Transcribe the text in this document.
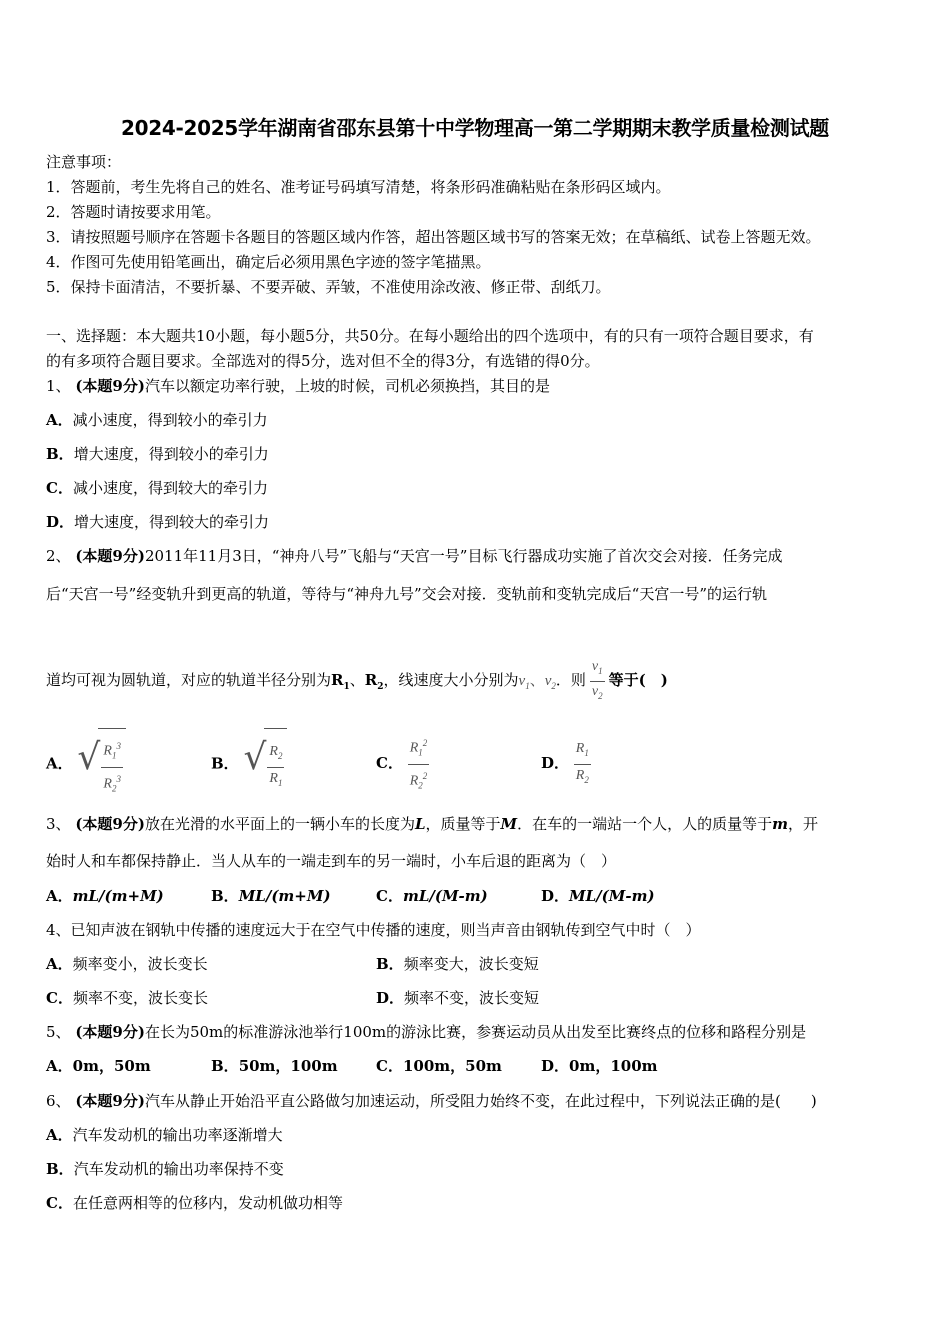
2024-2025学年湖南省邵东县第十中学物理高一第二学期期末教学质量检测试题
注意事项：
1．答题前，考生先将自己的姓名、准考证号码填写清楚，将条形码准确粘贴在条形码区域内。
2．答题时请按要求用笔。
3．请按照题号顺序在答题卡各题目的答题区域内作答，超出答题区域书写的答案无效；在草稿纸、试卷上答题无效。
4．作图可先使用铅笔画出，确定后必须用黑色字迹的签字笔描黑。
5．保持卡面清洁，不要折暴、不要弄破、弄皱，不准使用涂改液、修正带、刮纸刀。
一、选择题：本大题共10小题，每小题5分，共50分。在每小题给出的四个选项中，有的只有一项符合题目要求，有
的有多项符合题目要求。全部选对的得5分，选对但不全的得3分，有选错的得0分。
1、 (本题9分)汽车以额定功率行驶，上坡的时候，司机必须换挡，其目的是
A．减小速度，得到较小的牵引力
B．增大速度，得到较小的牵引力
C．减小速度，得到较大的牵引力
D．增大速度，得到较大的牵引力
2、 (本题9分)2011年11月3日，“神舟八号”飞船与“天宫一号”目标飞行器成功实施了首次交会对接．任务完成
后“天宫一号”经变轨升到更高的轨道，等待与“神舟九号”交会对接．变轨前和变轨完成后“天宫一号”的运行轨
道均可视为圆轨道，对应的轨道半径分别为$R_1$、$R_2$，线速度大小分别为$v_1$、$v_2$．则 $\frac{v_1}{v_2}$ 等于(　)
A． √ $\frac{R_1^3}{R_2^3}$	B． √ $\frac{R_2}{R_1}$	C． $\frac{R_1^2}{R_2^2}$	D． $\frac{R_1}{R_2}$
3、 (本题9分)放在光滑的水平面上的一辆小车的长度为L，质量等于M．在车的一端站一个人，人的质量等于m，开
始时人和车都保持静止．当人从车的一端走到车的另一端时，小车后退的距离为（　）
A．mL/(m+M)	B．ML/(m+M)	C．mL/(M-m)	D．ML/(M-m)
4、已知声波在钢轨中传播的速度远大于在空气中传播的速度，则当声音由钢轨传到空气中时（　）
A．频率变小，波长变长	B．频率变大，波长变短
C．频率不变，波长变长	D．频率不变，波长变短
5、 (本题9分)在长为50m的标准游泳池举行100m的游泳比赛，参赛运动员从出发至比赛终点的位移和路程分别是
A．0m，50m	B．50m，100m	C．100m，50m	D．0m，100m
6、 (本题9分)汽车从静止开始沿平直公路做匀加速运动，所受阻力始终不变，在此过程中，下列说法正确的是(　　)
A．汽车发动机的输出功率逐渐增大
B．汽车发动机的输出功率保持不变
C．在任意两相等的位移内，发动机做功相等
